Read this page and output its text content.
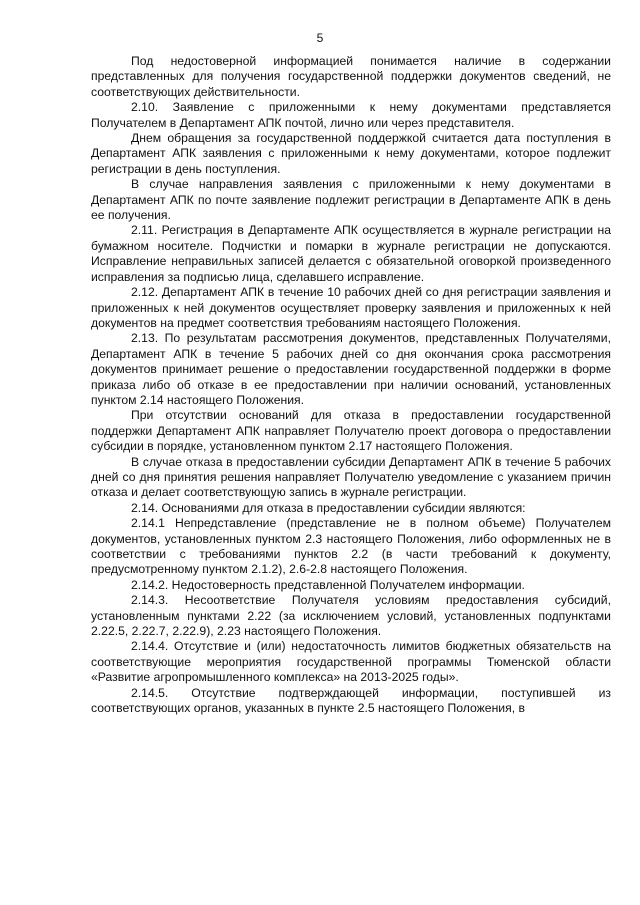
5

Под недостоверной информацией понимается наличие в содержании представленных для получения государственной поддержки документов сведений, не соответствующих действительности.

2.10. Заявление с приложенными к нему документами представляется Получателем в Департамент АПК почтой, лично или через представителя.

Днем обращения за государственной поддержкой считается дата поступления в Департамент АПК заявления с приложенными к нему документами, которое подлежит регистрации в день поступления.

В случае направления заявления с приложенными к нему документами в Департамент АПК по почте заявление подлежит регистрации в Департаменте АПК в день ее получения.

2.11. Регистрация в Департаменте АПК осуществляется в журнале регистрации на бумажном носителе. Подчистки и помарки в журнале регистрации не допускаются. Исправление неправильных записей делается с обязательной оговоркой произведенного исправления за подписью лица, сделавшего исправление.

2.12. Департамент АПК в течение 10 рабочих дней со дня регистрации заявления и приложенных к ней документов осуществляет проверку заявления и приложенных к ней документов на предмет соответствия требованиям настоящего Положения.

2.13. По результатам рассмотрения документов, представленных Получателями, Департамент АПК в течение 5 рабочих дней со дня окончания срока рассмотрения документов принимает решение о предоставлении государственной поддержки в форме приказа либо об отказе в ее предоставлении при наличии оснований, установленных пунктом 2.14 настоящего Положения.

При отсутствии оснований для отказа в предоставлении государственной поддержки Департамент АПК направляет Получателю проект договора о предоставлении субсидии в порядке, установленном пунктом 2.17 настоящего Положения.

В случае отказа в предоставлении субсидии Департамент АПК в течение 5 рабочих дней со дня принятия решения направляет Получателю уведомление с указанием причин отказа и делает соответствующую запись в журнале регистрации.

2.14. Основаниями для отказа в предоставлении субсидии являются:

2.14.1 Непредставление (представление не в полном объеме) Получателем документов, установленных пунктом 2.3 настоящего Положения, либо оформленных не в соответствии с требованиями пунктов 2.2 (в части требований к документу, предусмотренному пунктом 2.1.2), 2.6-2.8 настоящего Положения.

2.14.2. Недостоверность представленной Получателем информации.

2.14.3. Несоответствие Получателя условиям предоставления субсидий, установленным пунктами 2.22 (за исключением условий, установленных подпунктами 2.22.5, 2.22.7, 2.22.9), 2.23 настоящего Положения.

2.14.4. Отсутствие и (или) недостаточность лимитов бюджетных обязательств на соответствующие мероприятия государственной программы Тюменской области «Развитие агропромышленного комплекса» на 2013-2025 годы».

2.14.5. Отсутствие подтверждающей информации, поступившей из соответствующих органов, указанных в пункте 2.5 настоящего Положения, в
